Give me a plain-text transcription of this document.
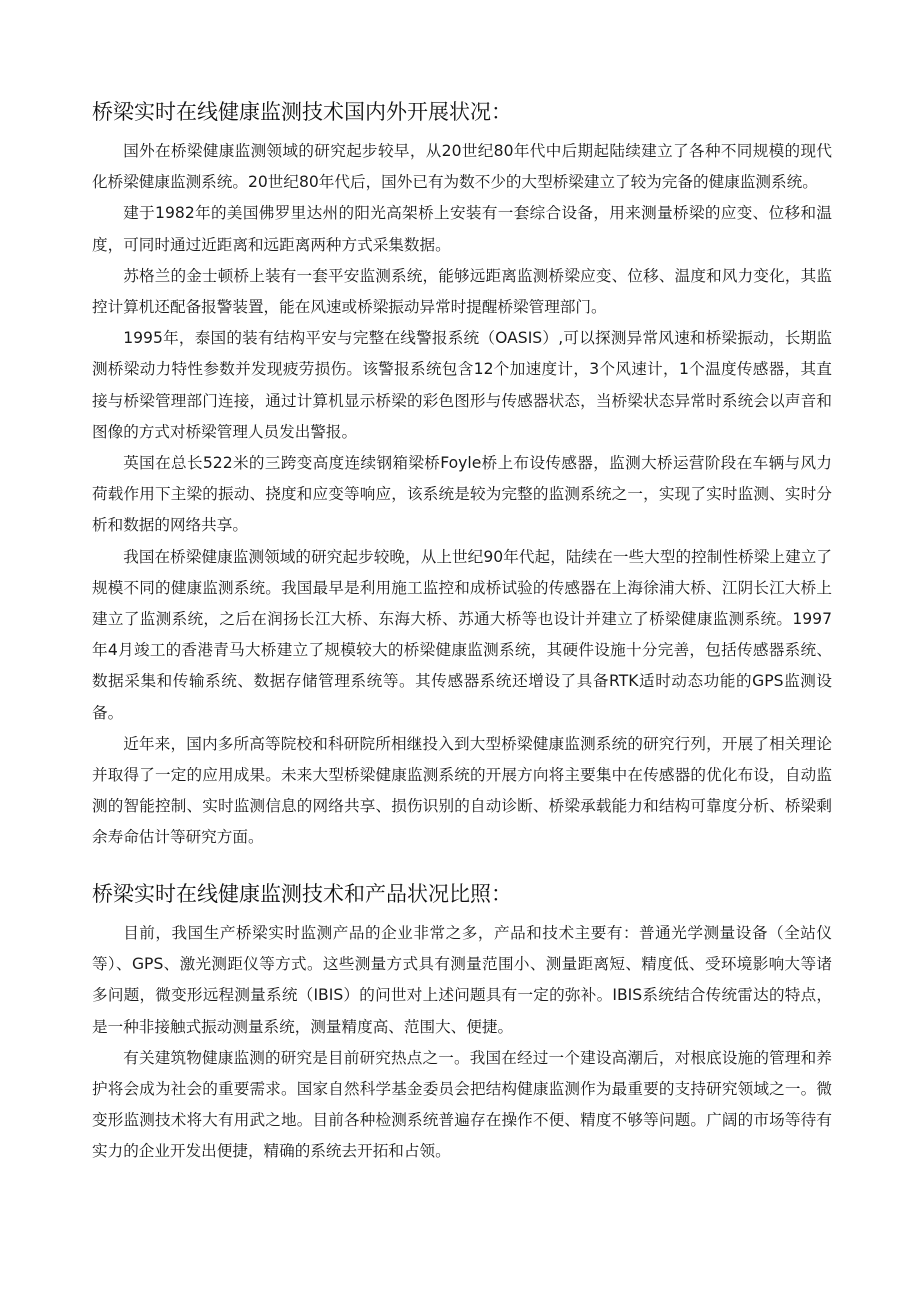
桥梁实时在线健康监测技术国内外开展状况：

国外在桥梁健康监测领域的研究起步较早，从20世纪80年代中后期起陆续建立了各种不同规模的现代化桥梁健康监测系统。20世纪80年代后，国外已有为数不少的大型桥梁建立了较为完备的健康监测系统。

建于1982年的美国佛罗里达州的阳光高架桥上安装有一套综合设备，用来测量桥梁的应变、位移和温度，可同时通过近距离和远距离两种方式采集数据。

苏格兰的金士顿桥上装有一套平安监测系统，能够远距离监测桥梁应变、位移、温度和风力变化，其监控计算机还配备报警装置，能在风速或桥梁振动异常时提醒桥梁管理部门。

1995年，泰国的装有结构平安与完整在线警报系统（OASIS）,可以探测异常风速和桥梁振动，长期监测桥梁动力特性参数并发现疲劳损伤。该警报系统包含12个加速度计，3个风速计，1个温度传感器，其直接与桥梁管理部门连接，通过计算机显示桥梁的彩色图形与传感器状态，当桥梁状态异常时系统会以声音和图像的方式对桥梁管理人员发出警报。

英国在总长522米的三跨变高度连续钢箱梁桥Foyle桥上布设传感器，监测大桥运营阶段在车辆与风力荷载作用下主梁的振动、挠度和应变等响应，该系统是较为完整的监测系统之一，实现了实时监测、实时分析和数据的网络共享。

我国在桥梁健康监测领域的研究起步较晚，从上世纪90年代起，陆续在一些大型的控制性桥梁上建立了规模不同的健康监测系统。我国最早是利用施工监控和成桥试验的传感器在上海徐浦大桥、江阴长江大桥上建立了监测系统，之后在润扬长江大桥、东海大桥、苏通大桥等也设计并建立了桥梁健康监测系统。1997年4月竣工的香港青马大桥建立了规模较大的桥梁健康监测系统，其硬件设施十分完善，包括传感器系统、数据采集和传输系统、数据存储管理系统等。其传感器系统还增设了具备RTK适时动态功能的GPS监测设备。

近年来，国内多所高等院校和科研院所相继投入到大型桥梁健康监测系统的研究行列，开展了相关理论并取得了一定的应用成果。未来大型桥梁健康监测系统的开展方向将主要集中在传感器的优化布设，自动监测的智能控制、实时监测信息的网络共享、损伤识别的自动诊断、桥梁承载能力和结构可靠度分析、桥梁剩余寿命估计等研究方面。

桥梁实时在线健康监测技术和产品状况比照：

目前，我国生产桥梁实时监测产品的企业非常之多，产品和技术主要有：普通光学测量设备（全站仪等）、GPS、激光测距仪等方式。这些测量方式具有测量范围小、测量距离短、精度低、受环境影响大等诸多问题，微变形远程测量系统（IBIS）的问世对上述问题具有一定的弥补。IBIS系统结合传统雷达的特点，是一种非接触式振动测量系统，测量精度高、范围大、便捷。

有关建筑物健康监测的研究是目前研究热点之一。我国在经过一个建设高潮后，对根底设施的管理和养护将会成为社会的重要需求。国家自然科学基金委员会把结构健康监测作为最重要的支持研究领域之一。微变形监测技术将大有用武之地。目前各种检测系统普遍存在操作不便、精度不够等问题。广阔的市场等待有实力的企业开发出便捷，精确的系统去开拓和占领。
